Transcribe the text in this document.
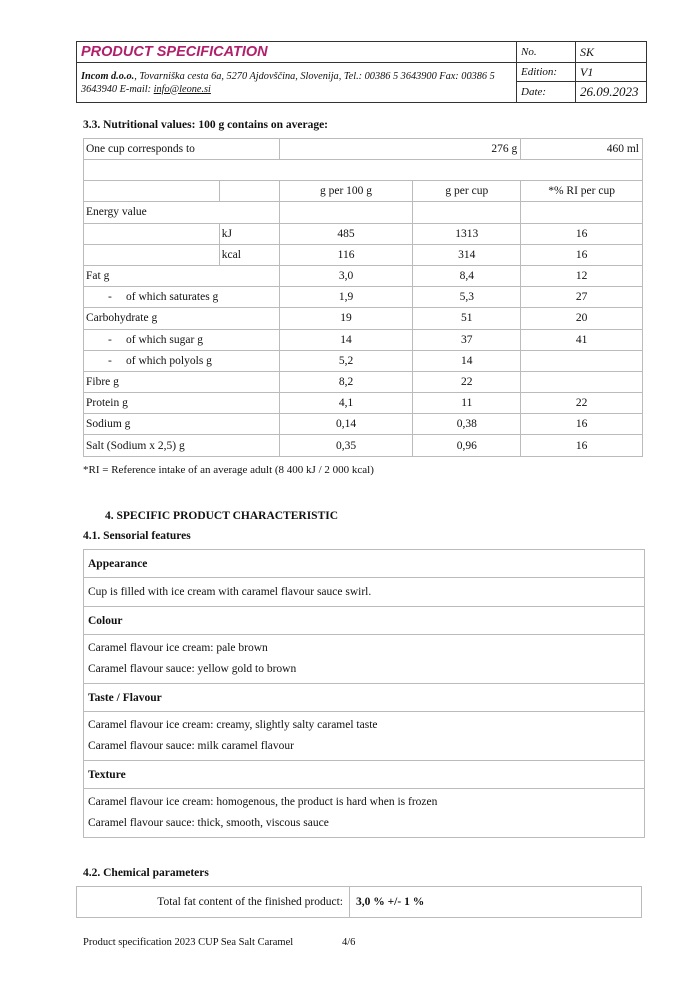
PRODUCT SPECIFICATION	No.	SK
Incom d.o.o., Tovarniška cesta 6a, 5270 Ajdovščina, Slovenija, Tel.: 00386 5 3643900 Fax: 00386 5 3643940 E-mail: info@leone.si	Edition:	V1
	Date:	26.09.2023
3.3. Nutritional values: 100 g contains on average:
One cup corresponds to		276 g		460 ml

		g per 100 g	g per cup	*% RI per cup
Energy value				
	kJ	485	1313	16
	kcal	116	314	16
Fat g		3,0	8,4	12
- of which saturates g		1,9	5,3	27
Carbohydrate g		19	51	20
- of which sugar g		14	37	41
- of which polyols g		5,2	14	
Fibre g		8,2	22	
Protein g		4,1	11	22
Sodium g		0,14	0,38	16
Salt (Sodium x 2,5) g		0,35	0,96	16
*RI = Reference intake of an average adult (8 400 kJ / 2 000 kcal)
4. SPECIFIC PRODUCT CHARACTERISTIC
4.1. Sensorial features
Appearance
Cup is filled with ice cream with caramel flavour sauce swirl.
Colour

Caramel flavour ice cream: pale brown
Caramel flavour sauce: yellow gold to brown

Taste / Flavour

Caramel flavour ice cream: creamy, slightly salty caramel taste
Caramel flavour sauce: milk caramel flavour

Texture

Caramel flavour ice cream: homogenous, the product is hard when is frozen
Caramel flavour sauce: thick, smooth, viscous sauce
4.2. Chemical parameters
Total fat content of the finished product:	3,0 % +/- 1 %
Product specification 2023 CUP Sea Salt Caramel	4/6
